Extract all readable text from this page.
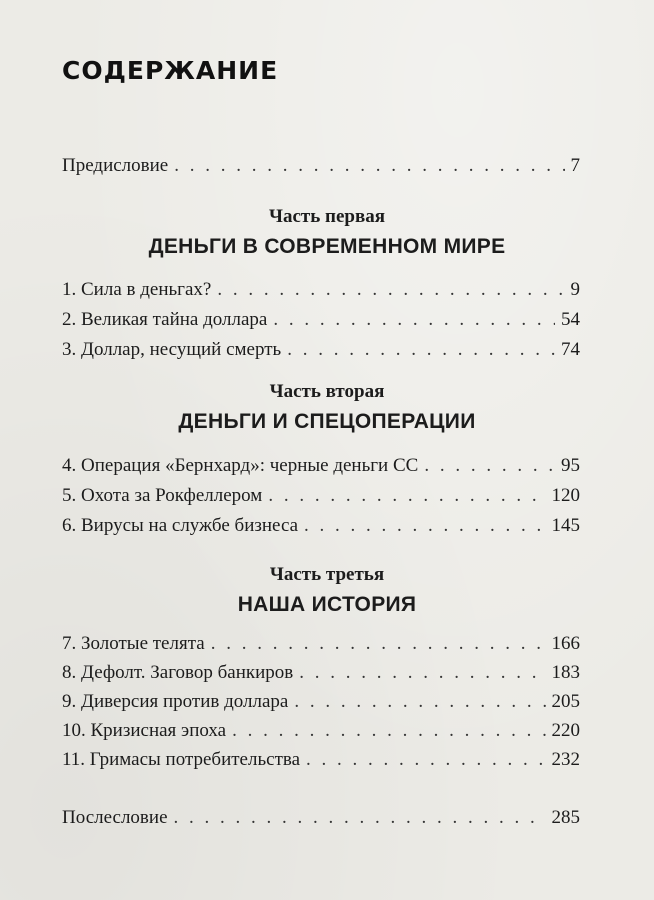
СОДЕРЖАНИЕ
Предисловие . . .	7
Часть первая
ДЕНЬГИ В СОВРЕМЕННОМ МИРЕ
1. Сила в деньгах? . . .	9
2. Великая тайна доллара . . .	54
3. Доллар, несущий смерть . . .	74
Часть вторая
ДЕНЬГИ И СПЕЦОПЕРАЦИИ
4. Операция «Бернхард»: черные деньги СС . . .	95
5. Охота за Рокфеллером . . .	120
6. Вирусы на службе бизнеса . . .	145
Часть третья
НАША ИСТОРИЯ
7. Золотые телята . . .	166
8. Дефолт. Заговор банкиров . . .	183
9. Диверсия против доллара . . .	205
10. Кризисная эпоха . . .	220
11. Гримасы потребительства . . .	232
Послесловие . . .	285
